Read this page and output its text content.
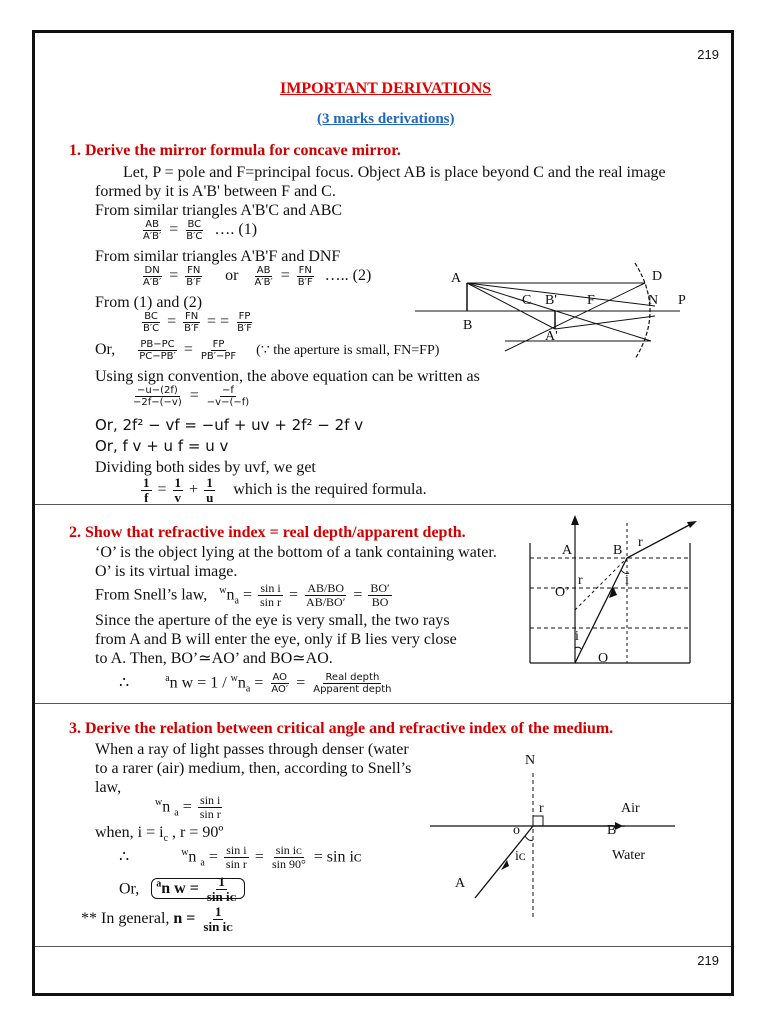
219
IMPORTANT DERIVATIONS
(3 marks derivations)
1. Derive the mirror formula for concave mirror.
Let, P = pole and F=principal focus. Object AB is place beyond C and the real image
formed by it is A'B' between F and C.
From similar triangles A'B'C and ABC
$\frac{AB}{A'B'} = \frac{BC}{B'C}$ …. (1)
From similar triangles A'B'F and DNF
$\frac{DN}{A'B'} = \frac{FN}{B'F}$ or $\frac{AB}{A'B'} = \frac{FN}{B'F}$ ….. (2)
From (1) and (2)
$\frac{BC}{B'C} = \frac{FN}{B'F}$ = = $\frac{FP}{B'F}$
Or, $\frac{PB-PC}{PC-PB'} = \frac{FP}{PB'-PF}$ (∵ the aperture is small, FN=FP)
Using sign convention, the above equation can be written as
$\frac{-u-(2f)}{-2f-(-v)} = \frac{-f}{-v-(-f)}$
Or, 2f² − vf = −uf + uv + 2f² − 2f v
Or, f v + u f = u v
Dividing both sides by uvf, we get
$\frac{1}{f} = \frac{1}{v} + \frac{1}{u}$ which is the required formula.
A	D
C B' F	N P
B
A'
2. Show that refractive index = real depth/apparent depth.
‘O’ is the object lying at the bottom of a tank containing water.
O’ is its virtual image.
From Snell’s law, $^wn_a = \frac{\text{sin i}}{\text{sin r}} = \frac{AB/BO}{AB/BO'} = \frac{BO'}{BO}$
Since the aperture of the eye is very small, the two rays
from A and B will enter the eye, only if B lies very close
to A. Then, BO’≃AO’ and BO≃AO.
∴	$^a$n $w = 1 / ^wn_a = \frac{AO}{AO'} = \frac{\text{Real depth}}{\text{Apparent depth}}$
A	B
r
r	i
O’
i
O
3. Derive the relation between critical angle and refractive index of the medium.
When a ray of light passes through denser (water
to a rarer (air) medium, then, according to Snell’s
law,
$^w$n $_a = \frac{\text{sin i}}{\text{sin r}}$
when, $i = i_c$ , r = 90º
∴	$^w$n $_a = \frac{\text{sin i}}{\text{sin r}} = \frac{\text{sin iᴄ}}{\sin 90^\circ} = \sin$ iᴄ
Or, $^a$n $w = \frac{1}{\text{sin iᴄ}}$
** In general, $n = \frac{1}{\text{sin iᴄ}}$
N
r	Air
o	B
iᴄ	Water
A
219
